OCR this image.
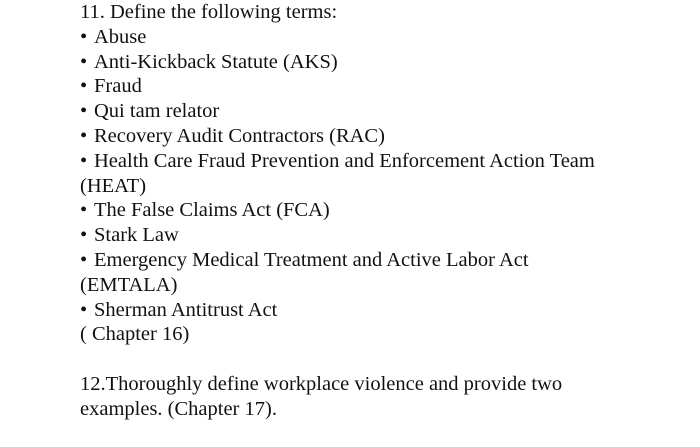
11. Define the following terms:
• Abuse
• Anti-Kickback Statute (AKS)
• Fraud
• Qui tam relator
• Recovery Audit Contractors (RAC)
• Health Care Fraud Prevention and Enforcement Action Team
(HEAT)
• The False Claims Act (FCA)
• Stark Law
• Emergency Medical Treatment and Active Labor Act
(EMTALA)
• Sherman Antitrust Act
( Chapter 16)
12.Thoroughly define workplace violence and provide two
examples. (Chapter 17).
